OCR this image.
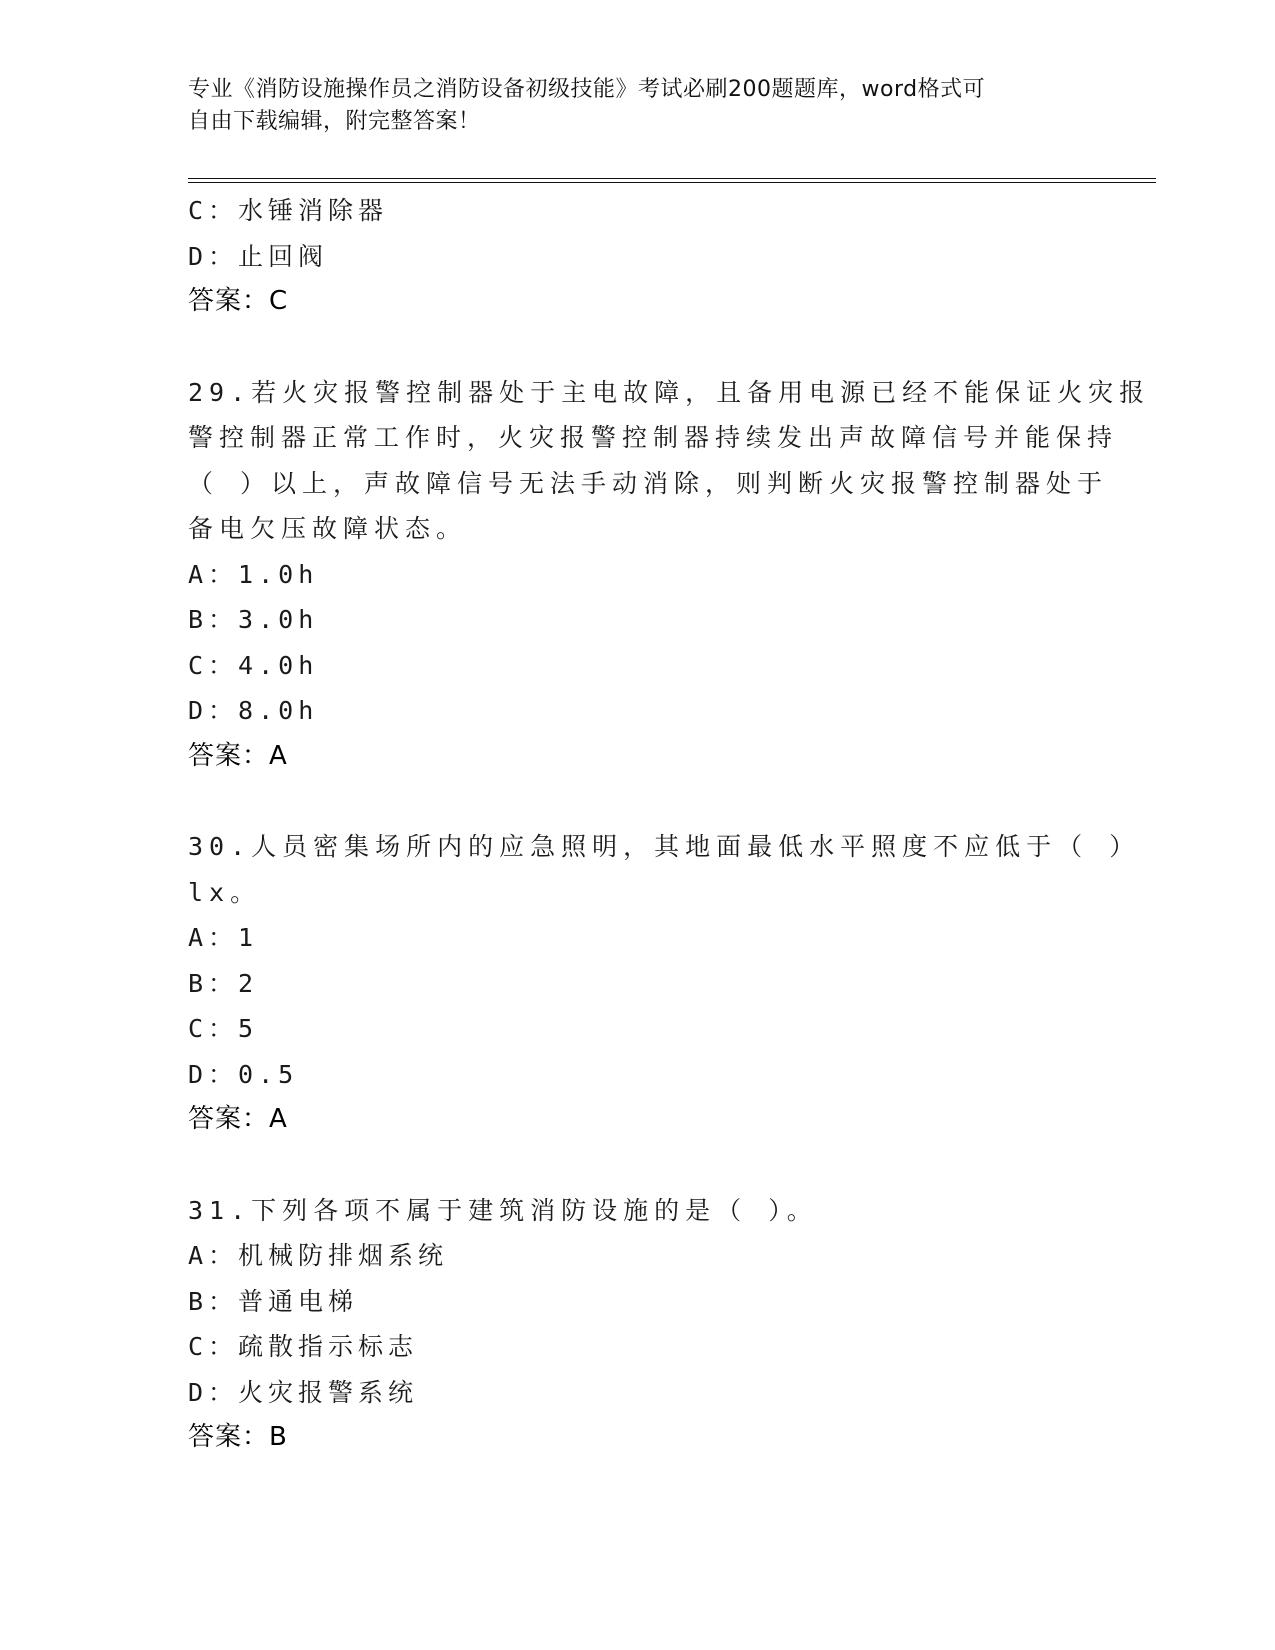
专业《消防设施操作员之消防设备初级技能》考试必刷200题题库，word格式可
自由下载编辑，附完整答案！
C：水锤消除器
D：止回阀
答案：C
29.若火灾报警控制器处于主电故障，且备用电源已经不能保证火灾报
警控制器正常工作时，火灾报警控制器持续发出声故障信号并能保持
（ ）以上，声故障信号无法手动消除，则判断火灾报警控制器处于
备电欠压故障状态。
A：1.0h
B：3.0h
C：4.0h
D：8.0h
答案：A
30.人员密集场所内的应急照明，其地面最低水平照度不应低于（ ）
lx。
A：1
B：2
C：5
D：0.5
答案：A
31.下列各项不属于建筑消防设施的是（ ）。
A：机械防排烟系统
B：普通电梯
C：疏散指示标志
D：火灾报警系统
答案：B
